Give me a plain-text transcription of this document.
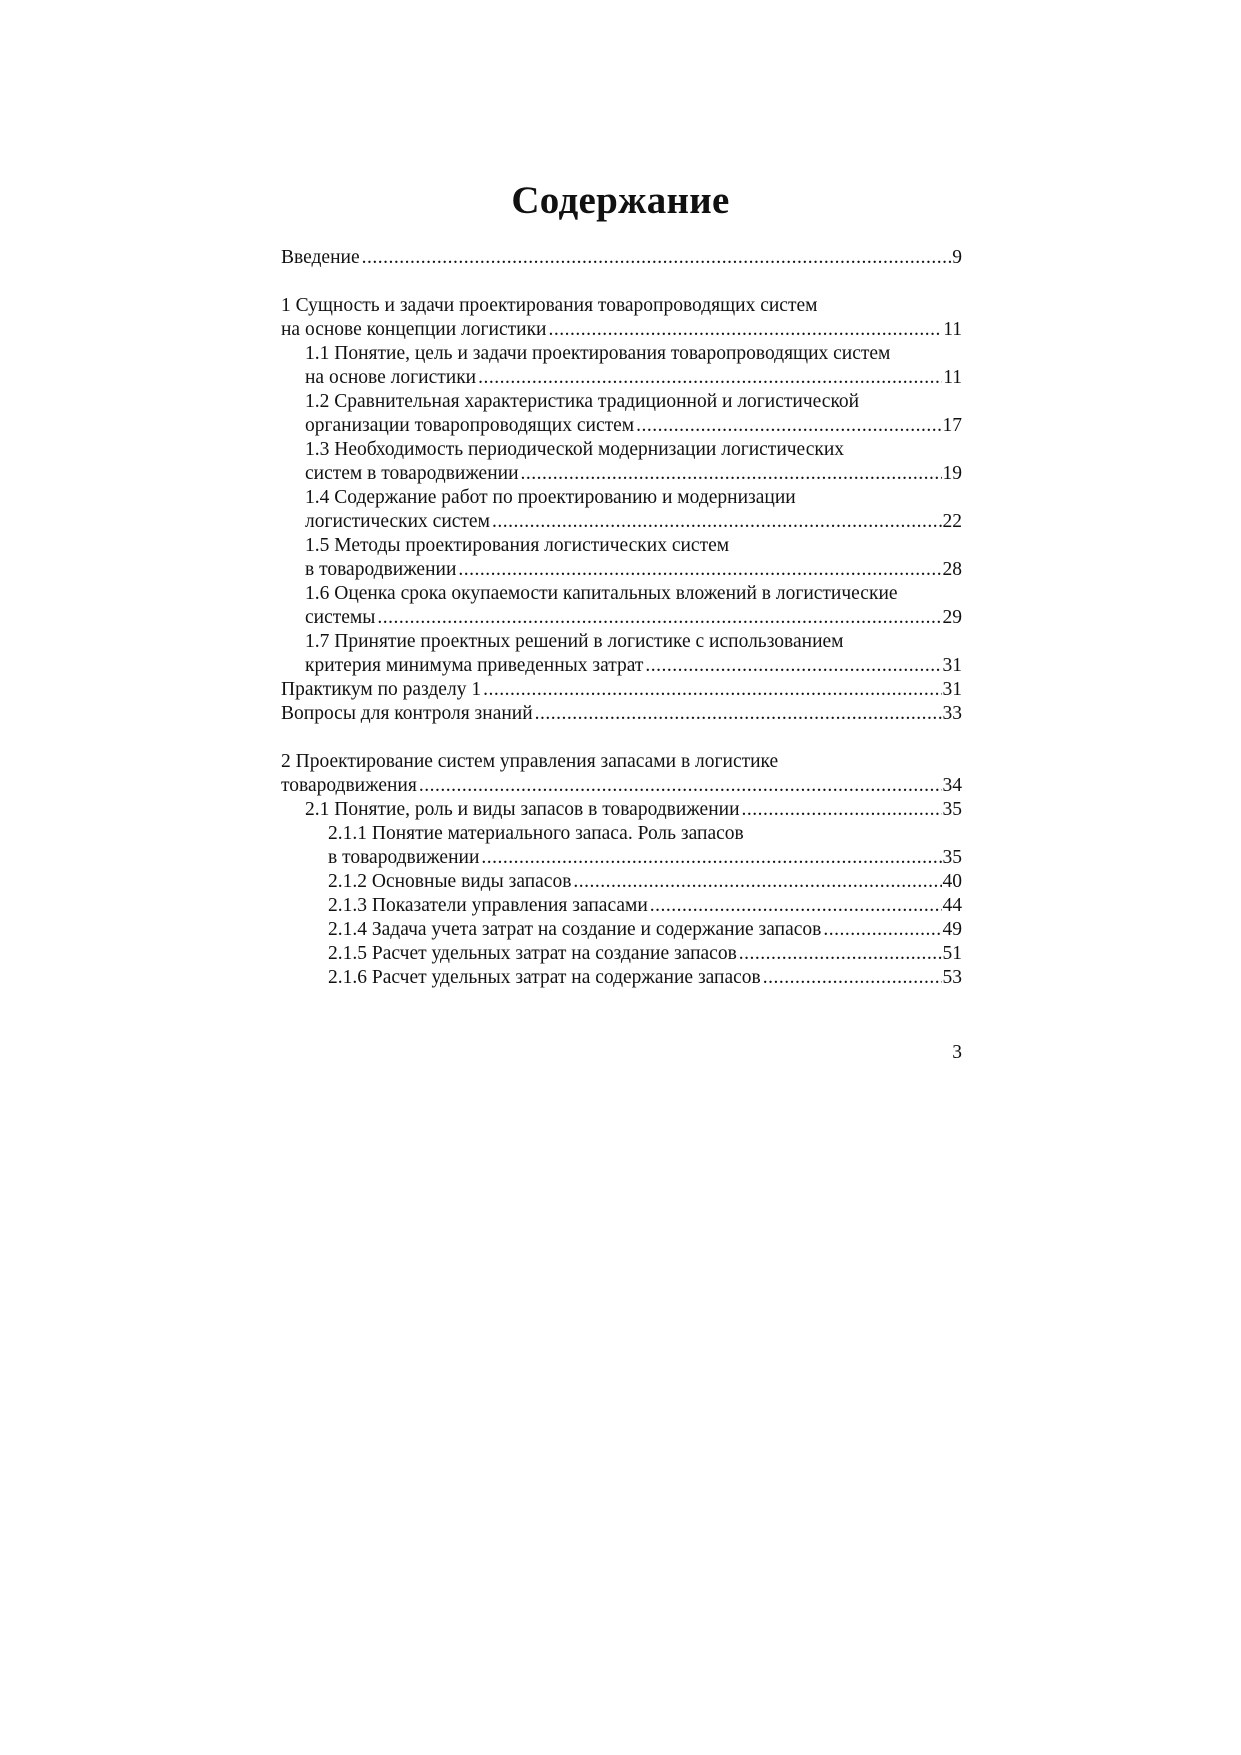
Содержание
Введение .....	9
1 Сущность и задачи проектирования товаропроводящих систем
на основе концепции логистики .....	11
1.1 Понятие, цель и задачи проектирования товаропроводящих систем
на основе логистики .....	11
1.2 Сравнительная характеристика традиционной и логистической
организации товаропроводящих систем .....	17
1.3 Необходимость периодической модернизации логистических
систем в товародвижении .....	19
1.4 Содержание работ по проектированию и модернизации
логистических систем .....	22
1.5 Методы проектирования логистических систем
в товародвижении .....	28
1.6 Оценка срока окупаемости капитальных вложений в логистические
системы .....	29
1.7 Принятие проектных решений в логистике с использованием
критерия минимума приведенных затрат .....	31
Практикум по разделу 1 .....	31
Вопросы для контроля знаний .....	33
2 Проектирование систем управления запасами в логистике
товародвижения .....	34
2.1 Понятие, роль и виды запасов в товародвижении .....	35
2.1.1 Понятие материального запаса. Роль запасов
в товародвижении .....	35
2.1.2 Основные виды запасов .....	40
2.1.3 Показатели управления запасами .....	44
2.1.4 Задача учета затрат на создание и содержание запасов .....	49
2.1.5 Расчет удельных затрат на создание запасов .....	51
2.1.6 Расчет удельных затрат на содержание запасов .....	53
3
